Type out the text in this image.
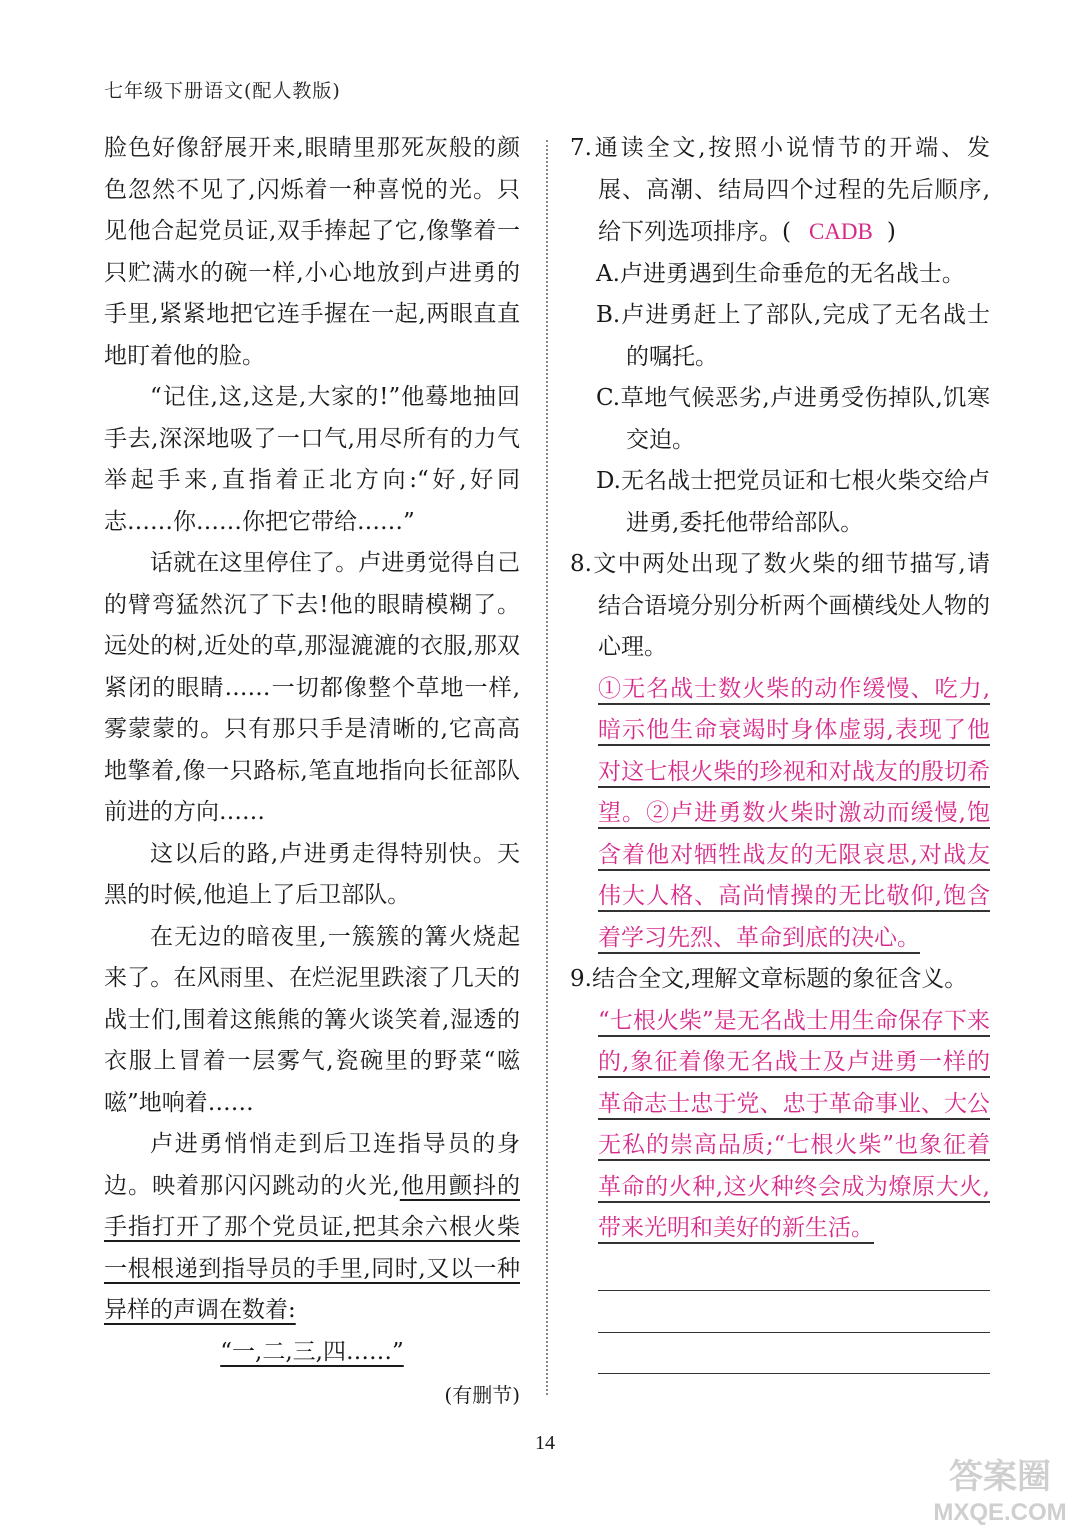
七年级下册语文(配人教版)

脸色好像舒展开来,眼睛里那死灰般的颜色忽然不见了,闪烁着一种喜悦的光。只见他合起党员证,双手捧起了它,像擎着一只贮满水的碗一样,小心地放到卢进勇的手里,紧紧地把它连手握在一起,两眼直直地盯着他的脸。

“记住,这,这是,大家的!”他蓦地抽回手去,深深地吸了一口气,用尽所有的力气举起手来,直指着正北方向:“好,好同志……你……你把它带给……”

话就在这里停住了。卢进勇觉得自己的臂弯猛然沉了下去!他的眼睛模糊了。远处的树,近处的草,那湿漉漉的衣服,那双紧闭的眼睛……一切都像整个草地一样,雾蒙蒙的。只有那只手是清晰的,它高高地擎着,像一只路标,笔直地指向长征部队前进的方向……

这以后的路,卢进勇走得特别快。天黑的时候,他追上了后卫部队。

在无边的暗夜里,一簇簇的篝火烧起来了。在风雨里、在烂泥里跌滚了几天的战士们,围着这熊熊的篝火谈笑着,湿透的衣服上冒着一层雾气,瓷碗里的野菜“嗞嗞”地响着……

卢进勇悄悄走到后卫连指导员的身边。映着那闪闪跳动的火光,他用颤抖的手指打开了那个党员证,把其余六根火柴一根根递到指导员的手里,同时,又以一种异样的声调在数着:

“一,二,三,四……”

(有删节)

7.通读全文,按照小说情节的开端、发展、高潮、结局四个过程的先后顺序,给下列选项排序。( CADB )

A.卢进勇遇到生命垂危的无名战士。

B.卢进勇赶上了部队,完成了无名战士的嘱托。

C.草地气候恶劣,卢进勇受伤掉队,饥寒交迫。

D.无名战士把党员证和七根火柴交给卢进勇,委托他带给部队。

8.文中两处出现了数火柴的细节描写,请结合语境分别分析两个画横线处人物的心理。

①无名战士数火柴的动作缓慢、吃力,暗示他生命衰竭时身体虚弱,表现了他对这七根火柴的珍视和对战友的殷切希望。②卢进勇数火柴时激动而缓慢,饱含着他对牺牲战友的无限哀思,对战友伟大人格、高尚情操的无比敬仰,饱含着学习先烈、革命到底的决心。

9.结合全文,理解文章标题的象征含义。

“七根火柴”是无名战士用生命保存下来的,象征着像无名战士及卢进勇一样的革命志士忠于党、忠于革命事业、大公无私的崇高品质;“七根火柴”也象征着革命的火种,这火种终会成为燎原大火,带来光明和美好的新生活。

14
答案圈
MXQE.COM
